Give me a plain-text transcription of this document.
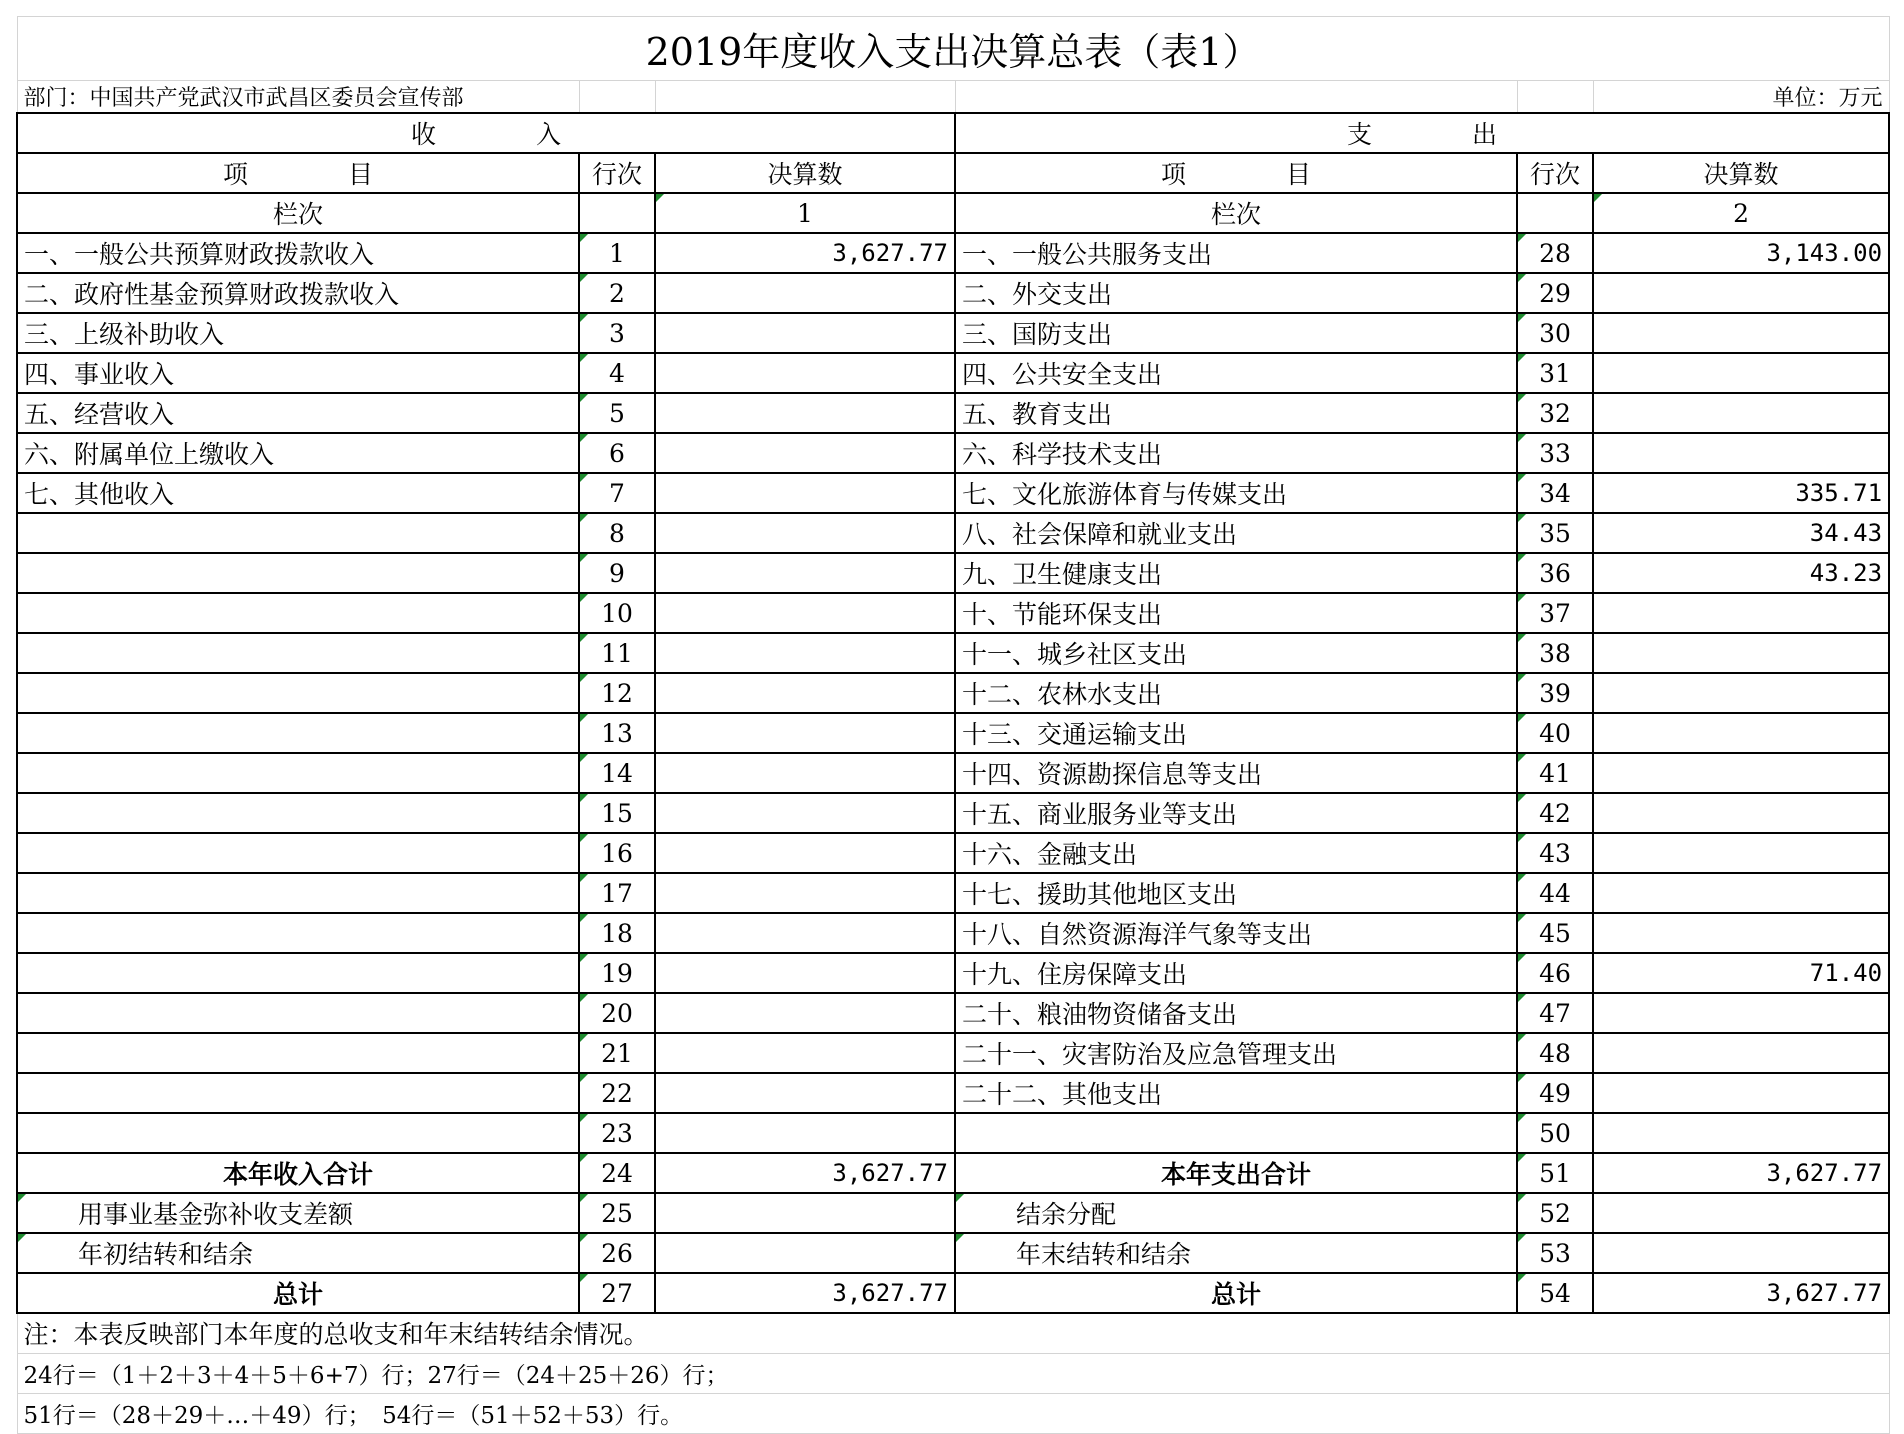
2019年度收入支出决算总表（表1）					
部门：中国共产党武汉市武昌区委员会宣传部					单位：万元
收　　　　入			支　　　　出		
项　　　　目	行次	决算数	项　　　　目	行次	决算数
栏次		1	栏次		2
一、一般公共预算财政拨款收入	1	3,627.77	一、一般公共服务支出	28	3,143.00
二、政府性基金预算财政拨款收入	2		二、外交支出	29	
三、上级补助收入	3		三、国防支出	30	
四、事业收入	4		四、公共安全支出	31	
五、经营收入	5		五、教育支出	32	
六、附属单位上缴收入	6		六、科学技术支出	33	
七、其他收入	7		七、文化旅游体育与传媒支出	34	335.71
	8		八、社会保障和就业支出	35	34.43
	9		九、卫生健康支出	36	43.23
	10		十、节能环保支出	37	
	11		十一、城乡社区支出	38	
	12		十二、农林水支出	39	
	13		十三、交通运输支出	40	
	14		十四、资源勘探信息等支出	41	
	15		十五、商业服务业等支出	42	
	16		十六、金融支出	43	
	17		十七、援助其他地区支出	44	
	18		十八、自然资源海洋气象等支出	45	
	19		十九、住房保障支出	46	71.40
	20		二十、粮油物资储备支出	47	
	21		二十一、灾害防治及应急管理支出	48	
	22		二十二、其他支出	49	
	23			50	
本年收入合计	24	3,627.77	本年支出合计	51	3,627.77
用事业基金弥补收支差额	25		结余分配	52	
年初结转和结余	26		年末结转和结余	53	
总计	27	3,627.77	总计	54	3,627.77
注：本表反映部门本年度的总收支和年末结转结余情况。					
24行＝（1＋2＋3＋4＋5＋6+7）行；27行＝（24＋25＋26）行；					
51行＝（28＋29＋…＋49）行；　54行＝（51＋52＋53）行。					
